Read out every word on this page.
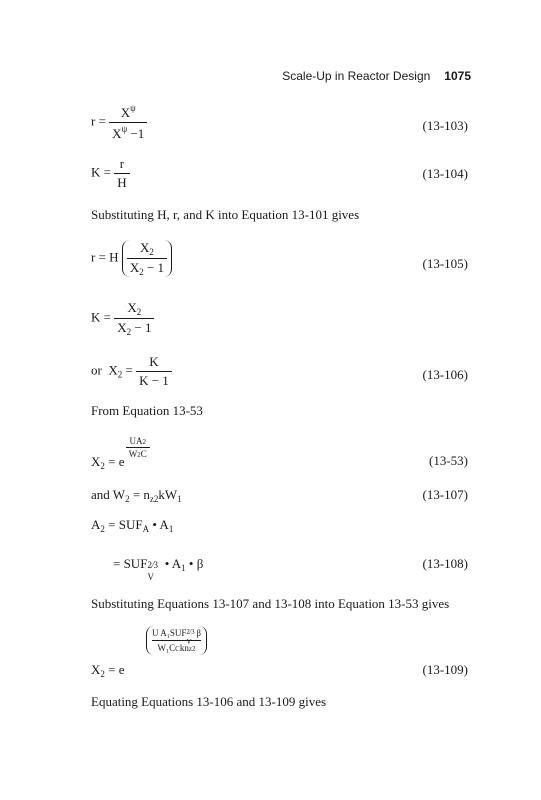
Scale-Up in Reactor Design 1075
$r = \frac{X^\psi}{X^\psi -1}$	(13-103)
$K = \frac{r}{H}$	(13-104)
Substituting H, r, and K into Equation 13-101 gives
r = H $\frac{X_2}{X_2 - 1}$	(13-105)
$K = \frac{X_2}{X_2 - 1}$
or $X_2 = \frac{K}{K - 1}$	(13-106)
From Equation 13-53
$X_2 = e$
$\frac{UA2}{W2C}$
(13-53)
and $W_2 = n_{z2}kW_1$	(13-107)
$A_2 = SUF_A$ • $A_1$
= SUF 2⁄3
V
• $A_1$ • β	(13-108)
Substituting Equations 13-107 and 13-108 into Equation 13-53 gives
$X_2 = e$
U A₁SUF 2⁄3
V
β
W₁CCknz2
(13-109)
Equating Equations 13-106 and 13-109 gives
